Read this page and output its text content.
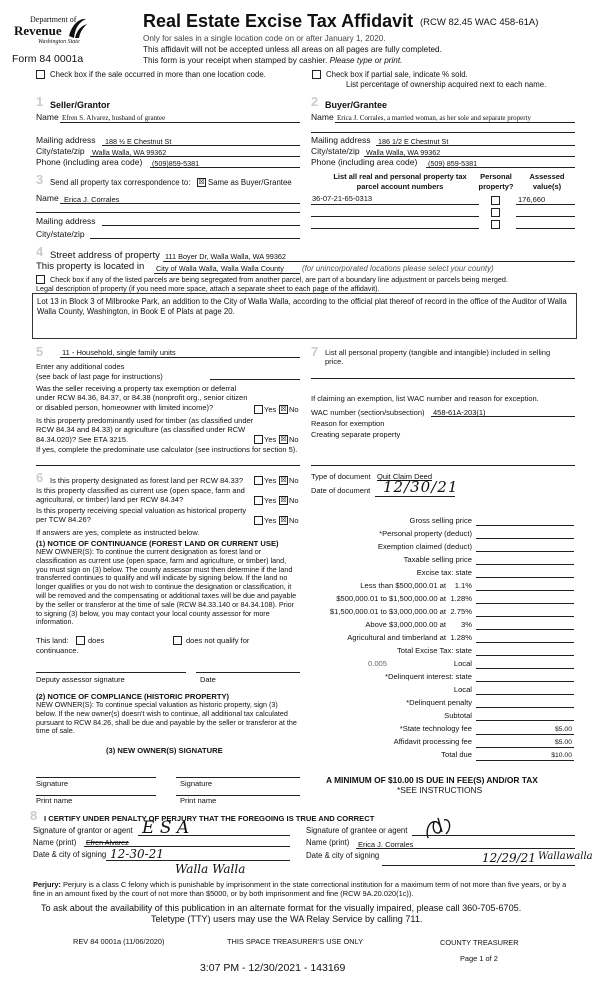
Department of
Revenue
Washington State
Form 84 0001a
Real Estate Excise Tax Affidavit (RCW 82.45 WAC 458-61A)
Only for sales in a single location code on or after January 1, 2020.
This affidavit will not be accepted unless all areas on all pages are fully completed.
This form is your receipt when stamped by cashier. Please type or print.
Check box if the sale occurred in more than one location code.	Check box if partial sale, indicate % sold.
List percentage of ownership acquired next to each name.
1 Seller/Grantor
Name Efren S. Alvarez, husband of grantee
Mailing address 188 ½ E Chestnut St
City/state/zip Walla Walla, WA 99362
Phone (including area code) (509)859-5381
2 Buyer/Grantee
Name Erica J. Corrales, a married woman, as her sole and separate property
Mailing address 186 1/2 E Chestnut St
City/state/zip Walla Walla, WA 99362
Phone (including area code) (509) 859-5381
3 Send all property tax correspondence to: ☒ Same as Buyer/Grantee
Name Erica J. Corrales
Mailing address
City/state/zip
List all real and personal property tax parcel account numbers
Personal property?
Assessed value(s)
36-07-21-65-0313	176,660
4 Street address of property 111 Boyer Dr, Walla Walla, WA 99362
This property is located in City of Walla Walla, Walla Walla County (for unincorporated locations please select your county)
Check box if any of the listed parcels are being segregated from another parcel, are part of a boundary line adjustment or parcels being merged.
Legal description of property (if you need more space, attach a separate sheet to each page of the affidavit).
Lot 13 in Block 3 of Milbrooke Park, an addition to the City of Walla Walla, according to the official plat thereof of record in the office of the Auditor of Walla Walla County, Washington, in Book E of Plats at page 20.
5	11 - Household, single family units
Enter any additional codes
(see back of last page for instructions)
Was the seller receiving a property tax exemption or deferral under RCW 84.36, 84.37, or 84.38 (nonprofit org., senior citizen or disabled person, homeowner with limited income)?	Yes ☒ No
Is this property predominantly used for timber (as classified under RCW 84.34 and 84.33) or agriculture (as classified under RCW 84.34.020)? See ETA 3215.	Yes ☒ No
If yes, complete the predominate use calculator (see instructions for section 5).
6 Is this property designated as forest land per RCW 84.33?	Yes ☒ No
Is this property classified as current use (open space, farm and agricultural, or timber) land per RCW 84.34?	Yes ☒ No
Is this property receiving special valuation as historical property per TCW 84.26?	Yes ☒ No
If answers are yes, complete as instructed below.
(1) NOTICE OF CONTINUANCE (FOREST LAND OR CURRENT USE)
NEW OWNER(S): To continue the current designation as forest land or classification as current use (open space, farm and agriculture, or timber) land, you must sign on (3) below. The county assessor must then determine if the land transferred continues to qualify and will indicate by signing below. If the land no longer qualifies or you do not wish to continue the designation or classification, it will be removed and the compensating or additional taxes will be due and payable by the seller or transferor at the time of sale (RCW 84.33.140 or 84.34.108). Prior to signing (3) below, you may contact your local county assessor for more information.
This land:	does	does not qualify for
continuance.
Deputy assessor signature	Date
(2) NOTICE OF COMPLIANCE (HISTORIC PROPERTY)
NEW OWNER(S): To continue special valuation as historic property, sign (3) below. If the new owner(s) doesn't wish to continue, all additional tax calculated pursuant to RCW 84.26, shall be due and payable by the seller or transferor at the time of sale.
(3) NEW OWNER(S) SIGNATURE
Signature	Signature
Print name	Print name
7 List all personal property (tangible and intangible) included in selling price.
If claiming an exemption, list WAC number and reason for exception.
WAC number (section/subsection) 458-61A-203(1)
Reason for exemption
Creating separate property
Type of document Quit Claim Deed
Date of document 12/30/21
Gross selling price
*Personal property (deduct)
Exemption claimed (deduct)
Taxable selling price
Excise tax: state
Less than $500,000.01 at 1.1%
$500,000.01 to $1,500,000.00 at 1.28%
$1,500,000.01 to $3,000,000.00 at 2.75%
Above $3,000,000.00 at 3%
Agricultural and timberland at 1.28%
Total Excise Tax: state
0.005	Local
*Delinquent interest: state
Local
*Delinquent penalty
Subtotal
*State technology fee	$5.00
Affidavit processing fee	$5.00
Total due	$10.00
A MINIMUM OF $10.00 IS DUE IN FEE(S) AND/OR TAX
*SEE INSTRUCTIONS
8 I CERTIFY UNDER PENALTY OF PERJURY THAT THE FOREGOING IS TRUE AND CORRECT
Signature of grantor or agent E S A
Name (print) Efren Alvarez
Date & city of signing 12-30-21
Walla Walla
Signature of grantee or agent	EJC
Name (print) Erica J. Corrales
Date & city of signing	12/29/21 Wallawalla
Perjury: Perjury is a class C felony which is punishable by imprisonment in the state correctional institution for a maximum term of not more than five years, or by a fine in an amount fixed by the court of not more than $5000, or by both imprisonment and fine (RCW 9A.20.020(1c)).
To ask about the availability of this publication in an alternate format for the visually impaired, please call 360-705-6705.
Teletype (TTY) users may use the WA Relay Service by calling 711.
REV 84 0001a (11/06/2020)	THIS SPACE TREASURER'S USE ONLY	COUNTY TREASURER
Page 1 of 2
3:07 PM - 12/30/2021 - 143169
